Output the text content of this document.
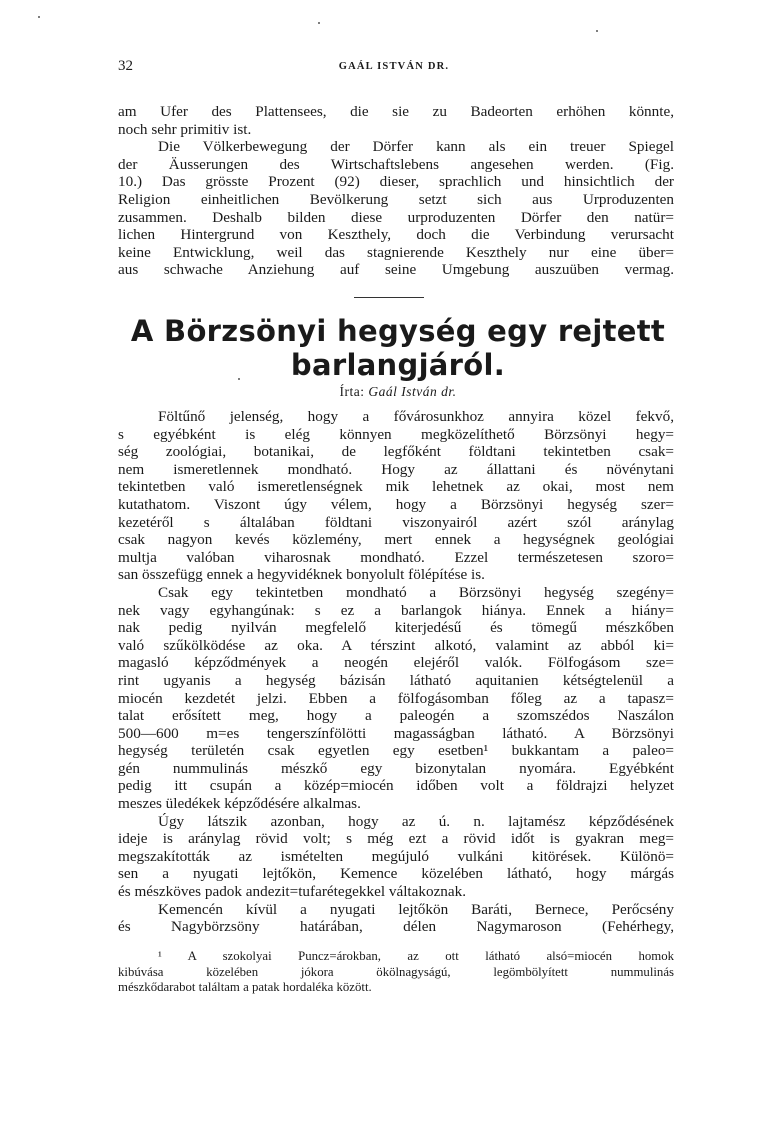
32	GAÁL ISTVÁN DR.

am Ufer des Plattensees, die sie zu Badeorten erhöhen könnte,
noch sehr primitiv ist.

Die Völkerbewegung der Dörfer kann als ein treuer Spiegel
der Äusserungen des Wirtschaftslebens angesehen werden. (Fig.
10.) Das grösste Prozent (92) dieser, sprachlich und hinsichtlich der
Religion einheitlichen Bevölkerung setzt sich aus Urproduzenten
zusammen. Deshalb bilden diese urproduzenten Dörfer den natür=
lichen Hintergrund von Keszthely, doch die Verbindung verursacht
keine Entwicklung, weil das stagnierende Keszthely nur eine über=
aus schwache Anziehung auf seine Umgebung auszuüben vermag.

A Börzsönyi hegység egy rejtett
barlangjáról.
Írta: Gaál István dr.

Föltűnő jelenség, hogy a fővárosunkhoz annyira közel fekvő,
s egyébként is elég könnyen megközelíthető Börzsönyi hegy=
ség zoológiai, botanikai, de legfőként földtani tekintetben csak=
nem ismeretlennek mondható. Hogy az állattani és növénytani
tekintetben való ismeretlenségnek mik lehetnek az okai, most nem
kutathatom. Viszont úgy vélem, hogy a Börzsönyi hegység szer=
kezetéről s általában földtani viszonyairól azért szól aránylag
csak nagyon kevés közlemény, mert ennek a hegységnek geológiai
multja valóban viharosnak mondható. Ezzel természetesen szoro=
san összefügg ennek a hegyvidéknek bonyolult fölépítése is.

Csak egy tekintetben mondható a Börzsönyi hegység szegény=
nek vagy egyhangúnak: s ez a barlangok hiánya. Ennek a hiány=
nak pedig nyilván megfelelő kiterjedésű és tömegű mészkőben
való szűkölködése az oka. A térszint alkotó, valamint az abból ki=
magasló képződmények a neogén elejéről valók. Fölfogásom sze=
rint ugyanis a hegység bázisán látható aquitanien kétségtelenül a
miocén kezdetét jelzi. Ebben a fölfogásomban főleg az a tapasz=
talat erősített meg, hogy a paleogén a szomszédos Naszálon
500—600 m=es tengerszínfölötti magasságban látható. A Börzsönyi
hegység területén csak egyetlen egy esetben¹ bukkantam a paleo=
gén nummulinás mészkő egy bizonytalan nyomára. Egyébként
pedig itt csupán a közép=miocén időben volt a földrajzi helyzet
meszes üledékek képződésére alkalmas.

Úgy látszik azonban, hogy az ú. n. lajtamész képződésének
ideje is aránylag rövid volt; s még ezt a rövid időt is gyakran meg=
megszakították az ismételten megújuló vulkáni kitörések. Különö=
sen a nyugati lejtőkön, Kemence közelében látható, hogy márgás
és mészköves padok andezit=tufarétegekkel váltakoznak.

Kemencén kívül a nyugati lejtőkön Baráti, Bernece, Perőcsény
és Nagybörzsöny határában, délen Nagymaroson (Fehérhegy,

¹ A szokolyai Puncz=árokban, az ott látható alsó=miocén homok
kibúvása közelében jókora ökölnagyságú, legömbölyített nummulinás
mészkődarabot találtam a patak hordaléka között.
